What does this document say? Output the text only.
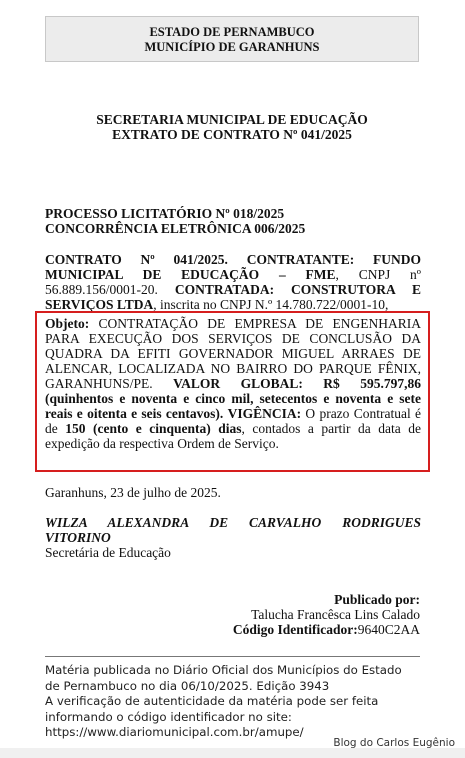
ESTADO DE PERNAMBUCO
MUNICÍPIO DE GARANHUNS
SECRETARIA MUNICIPAL DE EDUCAÇÃO
EXTRATO DE CONTRATO Nº 041/2025
PROCESSO LICITATÓRIO Nº 018/2025
CONCORRÊNCIA ELETRÔNICA 006/2025
CONTRATO Nº 041/2025. CONTRATANTE: FUNDO MUNICIPAL DE EDUCAÇÃO – FME, CNPJ nº 56.889.156/0001-20. CONTRATADA: CONSTRUTORA E SERVIÇOS LTDA, inscrita no CNPJ N.º 14.780.722/0001-10,
Objeto: CONTRATAÇÃO DE EMPRESA DE ENGENHARIA PARA EXECUÇÃO DOS SERVIÇOS DE CONCLUSÃO DA QUADRA DA EFITI GOVERNADOR MIGUEL ARRAES DE ALENCAR, LOCALIZADA NO BAIRRO DO PARQUE FÊNIX, GARANHUNS/PE. VALOR GLOBAL: R$ 595.797,86 (quinhentos e noventa e cinco mil, setecentos e noventa e sete reais e oitenta e seis centavos). VIGÊNCIA: O prazo Contratual é de 150 (cento e cinquenta) dias, contados a partir da data de expedição da respectiva Ordem de Serviço.
Garanhuns, 23 de julho de 2025.
WILZA ALEXANDRA DE CARVALHO RODRIGUES
VITORINO
Secretária de Educação
Publicado por:
Taluchа Francêsca Lins Calado
Código Identificador:9640C2AA
Matéria publicada no Diário Oficial dos Municípios do Estado
de Pernambuco no dia 06/10/2025. Edição 3943
A verificação de autenticidade da matéria pode ser feita
informando o código identificador no site:
https://www.diariomunicipal.com.br/amupe/
Blog do Carlos Eugênio
